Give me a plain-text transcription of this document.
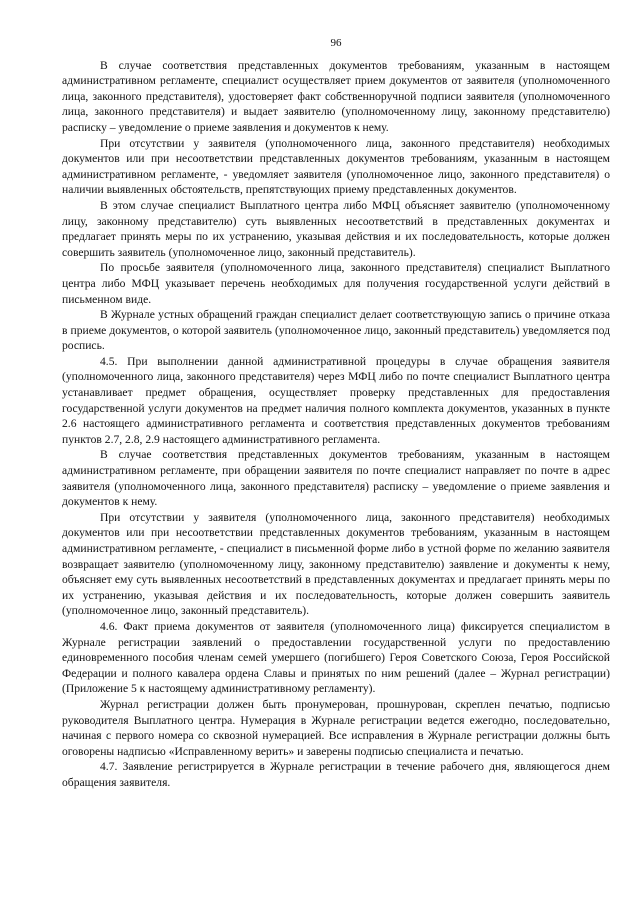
96

В случае соответствия представленных документов требованиям, указанным в настоящем административном регламенте, специалист осуществляет прием документов от заявителя (уполномоченного лица, законного представителя), удостоверяет факт собственноручной подписи заявителя (уполномоченного лица, законного представителя) и выдает заявителю (уполномоченному лицу, законному представителю) расписку – уведомление о приеме заявления и документов к нему.

При отсутствии у заявителя (уполномоченного лица, законного представителя) необходимых документов или при несоответствии представленных документов требованиям, указанным в настоящем административном регламенте, - уведомляет заявителя (уполномоченное лицо, законного представителя) о наличии выявленных обстоятельств, препятствующих приему представленных документов.

В этом случае специалист Выплатного центра либо МФЦ объясняет заявителю (уполномоченному лицу, законному представителю) суть выявленных несоответствий в представленных документах и предлагает принять меры по их устранению, указывая действия и их последовательность, которые должен совершить заявитель (уполномоченное лицо, законный представитель).

По просьбе заявителя (уполномоченного лица, законного представителя) специалист Выплатного центра либо МФЦ указывает перечень необходимых для получения государственной услуги действий в письменном виде.

В Журнале устных обращений граждан специалист делает соответствующую запись о причине отказа в приеме документов, о которой заявитель (уполномоченное лицо, законный представитель) уведомляется под роспись.

4.5. При выполнении данной административной процедуры в случае обращения заявителя (уполномоченного лица, законного представителя) через МФЦ либо по почте специалист Выплатного центра устанавливает предмет обращения, осуществляет проверку представленных для предоставления государственной услуги документов на предмет наличия полного комплекта документов, указанных в пункте 2.6 настоящего административного регламента и соответствия представленных документов требованиям пунктов 2.7, 2.8, 2.9 настоящего административного регламента.

В случае соответствия представленных документов требованиям, указанным в настоящем административном регламенте, при обращении заявителя по почте специалист направляет по почте в адрес заявителя (уполномоченного лица, законного представителя) расписку – уведомление о приеме заявления и документов к нему.

При отсутствии у заявителя (уполномоченного лица, законного представителя) необходимых документов или при несоответствии представленных документов требованиям, указанным в настоящем административном регламенте, - специалист в письменной форме либо в устной форме по желанию заявителя возвращает заявителю (уполномоченному лицу, законному представителю) заявление и документы к нему, объясняет ему суть выявленных несоответствий в представленных документах и предлагает принять меры по их устранению, указывая действия и их последовательность, которые должен совершить заявитель (уполномоченное лицо, законный представитель).

4.6. Факт приема документов от заявителя (уполномоченного лица) фиксируется специалистом в Журнале регистрации заявлений о предоставлении государственной услуги по предоставлению единовременного пособия членам семей умершего (погибшего) Героя Советского Союза, Героя Российской Федерации и полного кавалера ордена Славы и принятых по ним решений (далее – Журнал регистрации) (Приложение 5 к настоящему административному регламенту).

Журнал регистрации должен быть пронумерован, прошнурован, скреплен печатью, подписью руководителя Выплатного центра. Нумерация в Журнале регистрации ведется ежегодно, последовательно, начиная с первого номера со сквозной нумерацией. Все исправления в Журнале регистрации должны быть оговорены надписью «Исправленному верить» и заверены подписью специалиста и печатью.

4.7. Заявление регистрируется в Журнале регистрации в течение рабочего дня, являющегося днем обращения заявителя.
